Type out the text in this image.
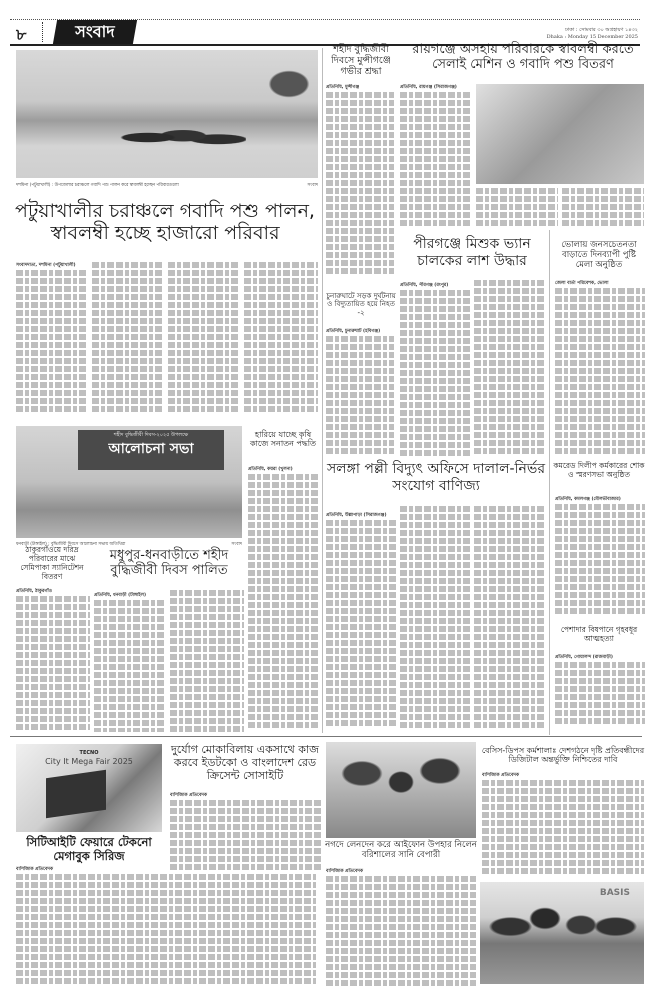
৮	সংবাদ	ঢাকা : সোমবার ৩০ অগ্রহায়ণ ১৪৩২
Dhaka : Monday 15 December 2025
দশমিনা (পটুয়াখালী) : উপজেলার চরাঞ্চলে গবাদি পশু পালন করে স্বাবলম্বী হচ্ছেন পরিবারগুলো	সংবাদ
পটুয়াখালীর চরাঞ্চলে গবাদি পশু পালন, স্বাবলম্বী হচ্ছে হাজারো পরিবার
সংবাদদাতা, দশমিনা (পটুয়াখালী)
শহীদ বুদ্ধিজীবী দিবসে মুন্সীগঞ্জে গভীর শ্রদ্ধা
প্রতিনিধি, মুন্সীগঞ্জ
রায়গঞ্জে অসহায় পরিবারকে স্বাবলম্বী করতে সেলাই মেশিন ও গবাদি পশু বিতরণ
প্রতিনিধি, রায়গঞ্জ (সিরাজগঞ্জ)
পীরগঞ্জে মিশুক ভ্যান চালকের লাশ উদ্ধার
প্রতিনিধি, পীরগঞ্জ (রংপুর)
ভোলায় জনসচেতনতা বাড়াতে দিনব্যাপী পুষ্টি মেলা অনুষ্ঠিত
জেলা বার্তা পরিবেশক, ভোলা
চুনারুঘাটে সড়ক দুর্ঘটনায় ও বিদ্যুতায়িত হয়ে নিহত -২
প্রতিনিধি, চুনারুঘাট (হবিগঞ্জ)
শহীদ বুদ্ধিজীবী দিবস-২০২৫ উপলক্ষে
আলোচনা সভা
ধনবাড়ী (টাঙ্গাইল) : বুদ্ধিজীবী দিবসে আলোচনা সভায় অতিথিরা	সংবাদ
হারিয়ে যাচ্ছে কৃষি কাজে সনাতন পদ্ধতি
প্রতিনিধি, কয়রা (খুলনা)	সলঙ্গা পল্লী বিদ্যুৎ অফিসে দালাল-নির্ভর সংযোগ বাণিজ্য
প্রতিনিধি, উল্লাপাড়া (সিরাজগঞ্জ)
কমরেড দিলীপ কর্মকারের শোক ও স্মরণসভা অনুষ্ঠিত
প্রতিনিধি, কমলগঞ্জ (মৌলভীবাজার)
পেশাদার বিষপানে গৃহবধূর আত্মহত্যা
প্রতিনিধি, গোয়ালন্দ (রাজবাড়ী)
ঠাকুরগাঁওয়ে দরিদ্র পরিবারের মাঝে সেমিপাকা স্যানিটেশন বিতরণ
প্রতিনিধি, ঠাকুরগাঁও
মধুপুর-ধনবাড়ীতে শহীদ বুদ্ধিজীবী দিবস পালিত
প্রতিনিধি, ধনবাড়ী (টাঙ্গাইল)
TECNO
City It Mega Fair 2025
সিটিআইটি ফেয়ারে টেকনো মেগাবুক সিরিজ
বাণিজ্যিক প্রতিবেদক
দুর্যোগ মোকাবিলায় একসাথে কাজ করবে ইডটকো ও বাংলাদেশ রেড ক্রিসেন্ট সোসাইটি
বাণিজ্যিক প্রতিবেদক
নগদে লেনদেন করে আইফোন উপহার নিলেন বরিশালের সানি বেপারী
বাণিজ্যিক প্রতিবেদক
বেসিস-ডিপস কর্মশালাঃ দেশগঠনে দৃষ্টি প্রতিবন্ধীদের ডিজিটাল অন্তর্ভুক্তি নিশ্চিতের দাবি
বাণিজ্যিক প্রতিবেদক
BASIS
